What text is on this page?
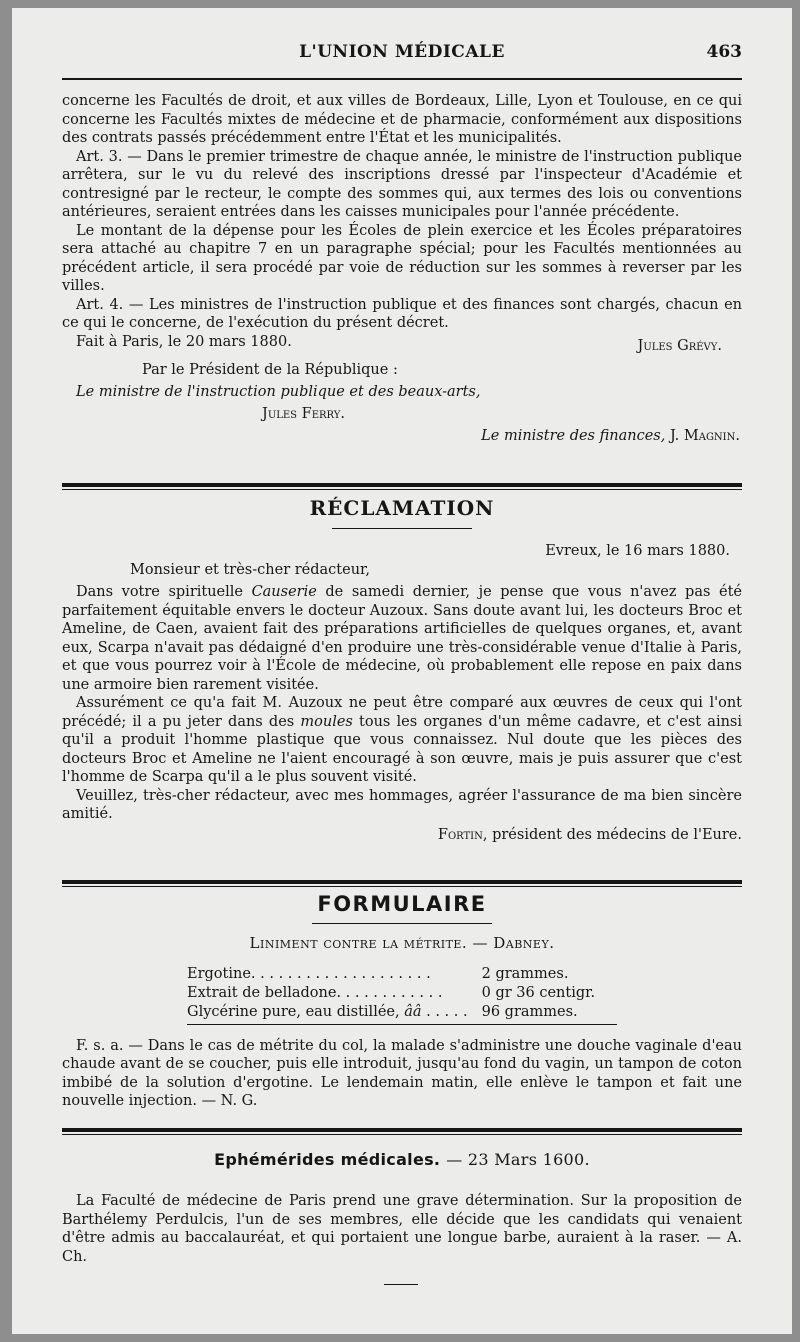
L'UNION MÉDICALE	463

concerne les Facultés de droit, et aux villes de Bordeaux, Lille, Lyon et Toulouse, en ce qui concerne les Facultés mixtes de médecine et de pharmacie, conformément aux dispositions des contrats passés précédemment entre l'État et les municipalités.

Art. 3. — Dans le premier trimestre de chaque année, le ministre de l'instruction publique arrêtera, sur le vu du relevé des inscriptions dressé par l'inspecteur d'Académie et contresigné par le recteur, le compte des sommes qui, aux termes des lois ou conventions antérieures, seraient entrées dans les caisses municipales pour l'année précédente.

Le montant de la dépense pour les Écoles de plein exercice et les Écoles préparatoires sera attaché au chapitre 7 en un paragraphe spécial; pour les Facultés mentionnées au précédent article, il sera procédé par voie de réduction sur les sommes à reverser par les villes.

Art. 4. — Les ministres de l'instruction publique et des finances sont chargés, chacun en ce qui le concerne, de l'exécution du présent décret.

Fait à Paris, le 20 mars 1880.	Jules Grévy.
Par le Président de la République :
Le ministre de l'instruction publique et des beaux-arts,
Jules Ferry.
Le ministre des finances, J. Magnin.
RÉCLAMATION
Evreux, le 16 mars 1880.
Monsieur et très-cher rédacteur,

Dans votre spirituelle Causerie de samedi dernier, je pense que vous n'avez pas été parfaitement équitable envers le docteur Auzoux. Sans doute avant lui, les docteurs Broc et Ameline, de Caen, avaient fait des préparations artificielles de quelques organes, et, avant eux, Scarpa n'avait pas dédaigné d'en produire une très-considérable venue d'Italie à Paris, et que vous pourrez voir à l'École de médecine, où probablement elle repose en paix dans une armoire bien rarement visitée.

Assurément ce qu'a fait M. Auzoux ne peut être comparé aux œuvres de ceux qui l'ont précédé; il a pu jeter dans des moules tous les organes d'un même cadavre, et c'est ainsi qu'il a produit l'homme plastique que vous connaissez. Nul doute que les pièces des docteurs Broc et Ameline ne l'aient encouragé à son œuvre, mais je puis assurer que c'est l'homme de Scarpa qu'il a le plus souvent visité.

Veuillez, très-cher rédacteur, avec mes hommages, agréer l'assurance de ma bien sincère amitié.

Fortin, président des médecins de l'Eure.
FORMULAIRE
Liniment contre la métrite. — Dabney.
Ergotine. . . . . . . . . . . . . . . . . . . .	2 grammes.
Extrait de belladone. . . . . . . . . . . .	0 gr 36 centigr.
Glycérine pure, eau distillée, ââ . . . . .	96 grammes.

F. s. a. — Dans le cas de métrite du col, la malade s'administre une douche vaginale d'eau chaude avant de se coucher, puis elle introduit, jusqu'au fond du vagin, un tampon de coton imbibé de la solution d'ergotine. Le lendemain matin, elle enlève le tampon et fait une nouvelle injection. — N. G.

Ephémérides médicales. — 23 Mars 1600.

La Faculté de médecine de Paris prend une grave détermination. Sur la proposition de Barthélemy Perdulcis, l'un de ses membres, elle décide que les candidats qui venaient d'être admis au baccalauréat, et qui portaient une longue barbe, auraient à la raser. — A. Ch.
